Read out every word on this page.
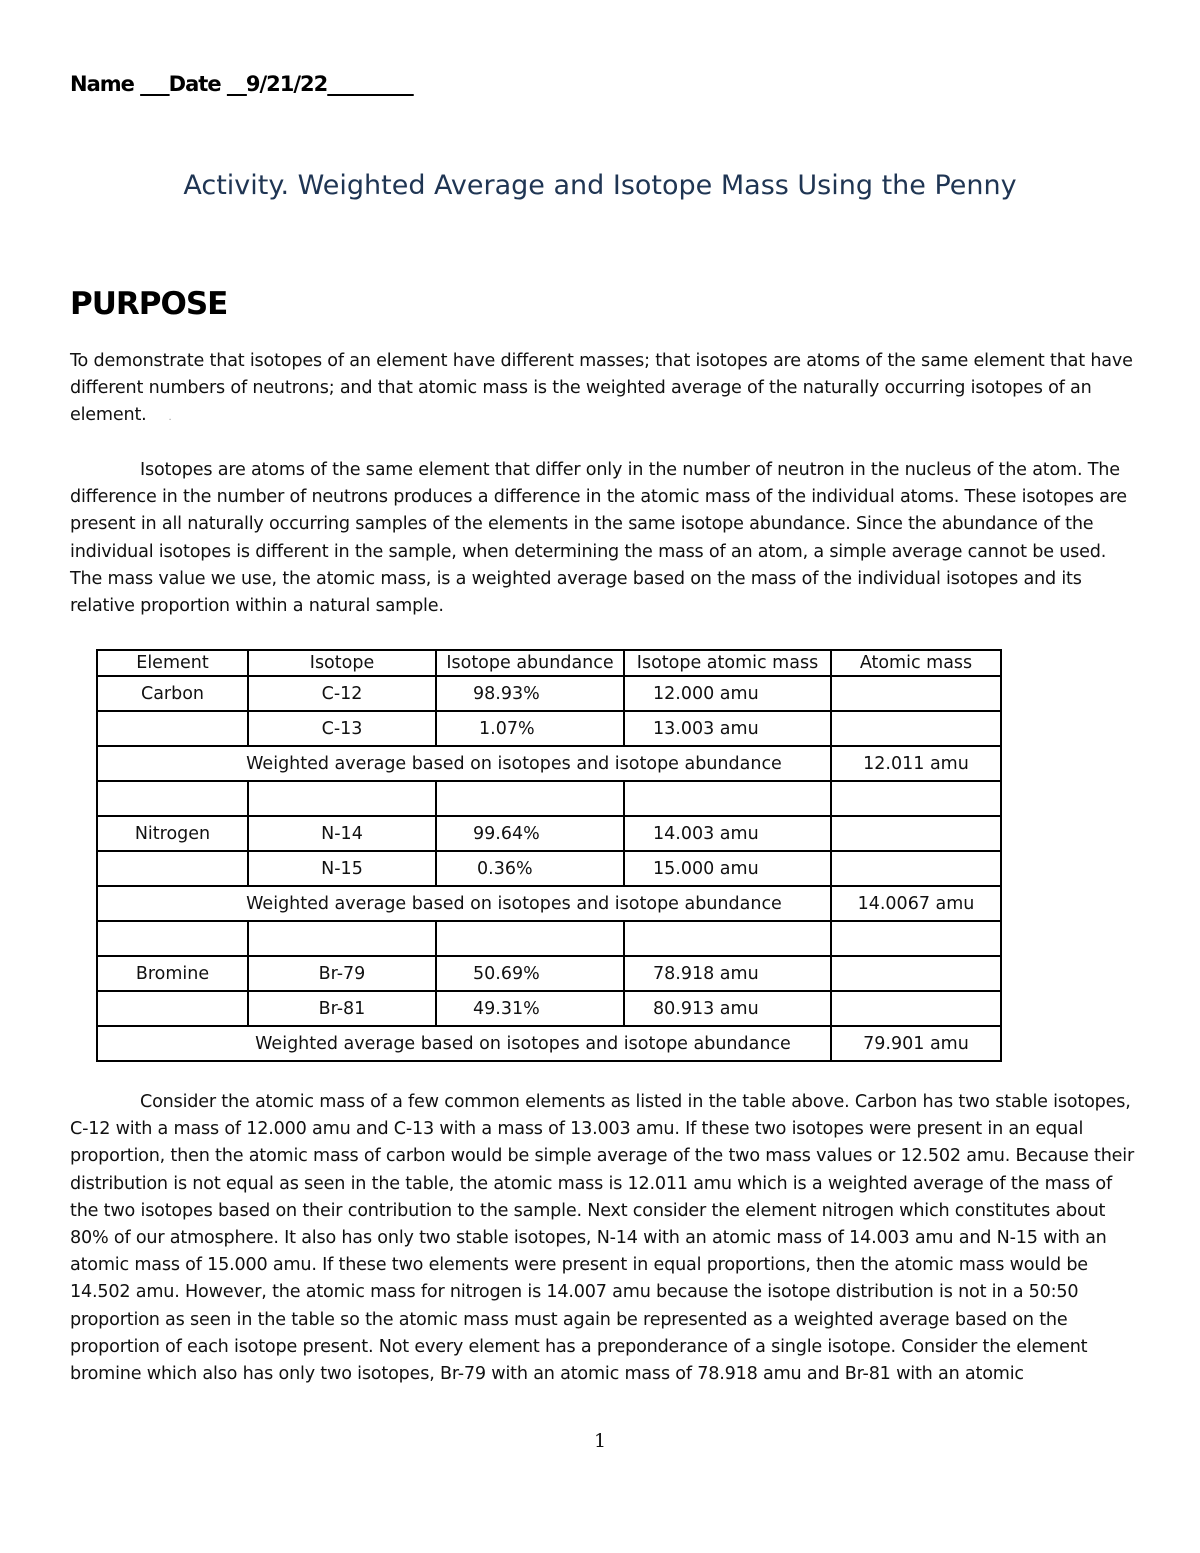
Name ___Date __9/21/22_________
Activity. Weighted Average and Isotope Mass Using the Penny
PURPOSE

To demonstrate that isotopes of an element have different masses; that isotopes are atoms of the same element that have different numbers of neutrons; and that atomic mass is the weighted average of the naturally occurring isotopes of an element. .

Isotopes are atoms of the same element that differ only in the number of neutron in the nucleus of the atom. The difference in the number of neutrons produces a difference in the atomic mass of the individual atoms. These isotopes are present in all naturally occurring samples of the elements in the same isotope abundance. Since the abundance of the individual isotopes is different in the sample, when determining the mass of an atom, a simple average cannot be used. The mass value we use, the atomic mass, is a weighted average based on the mass of the individual isotopes and its relative proportion within a natural sample.

Element	Isotope	Isotope abundance	Isotope atomic mass	Atomic mass
Carbon	C-12	98.93%	12.000 amu	
	C-13	1.07%	13.003 amu	
Weighted average based on isotopes and isotope abundance				12.011 amu

Nitrogen	N-14	99.64%	14.003 amu	
	N-15	0.36%	15.000 amu	
Weighted average based on isotopes and isotope abundance				14.0067 amu

Bromine	Br-79	50.69%	78.918 amu	
	Br-81	49.31%	80.913 amu	
Weighted average based on isotopes and isotope abundance				79.901 amu

Consider the atomic mass of a few common elements as listed in the table above. Carbon has two stable isotopes, C-12 with a mass of 12.000 amu and C-13 with a mass of 13.003 amu. If these two isotopes were present in an equal proportion, then the atomic mass of carbon would be simple average of the two mass values or 12.502 amu. Because their distribution is not equal as seen in the table, the atomic mass is 12.011 amu which is a weighted average of the mass of the two isotopes based on their contribution to the sample. Next consider the element nitrogen which constitutes about 80% of our atmosphere. It also has only two stable isotopes, N-14 with an atomic mass of 14.003 amu and N-15 with an atomic mass of 15.000 amu. If these two elements were present in equal proportions, then the atomic mass would be 14.502 amu. However, the atomic mass for nitrogen is 14.007 amu because the isotope distribution is not in a 50:50 proportion as seen in the table so the atomic mass must again be represented as a weighted average based on the proportion of each isotope present. Not every element has a preponderance of a single isotope. Consider the element bromine which also has only two isotopes, Br-79 with an atomic mass of 78.918 amu and Br-81 with an atomic

1
